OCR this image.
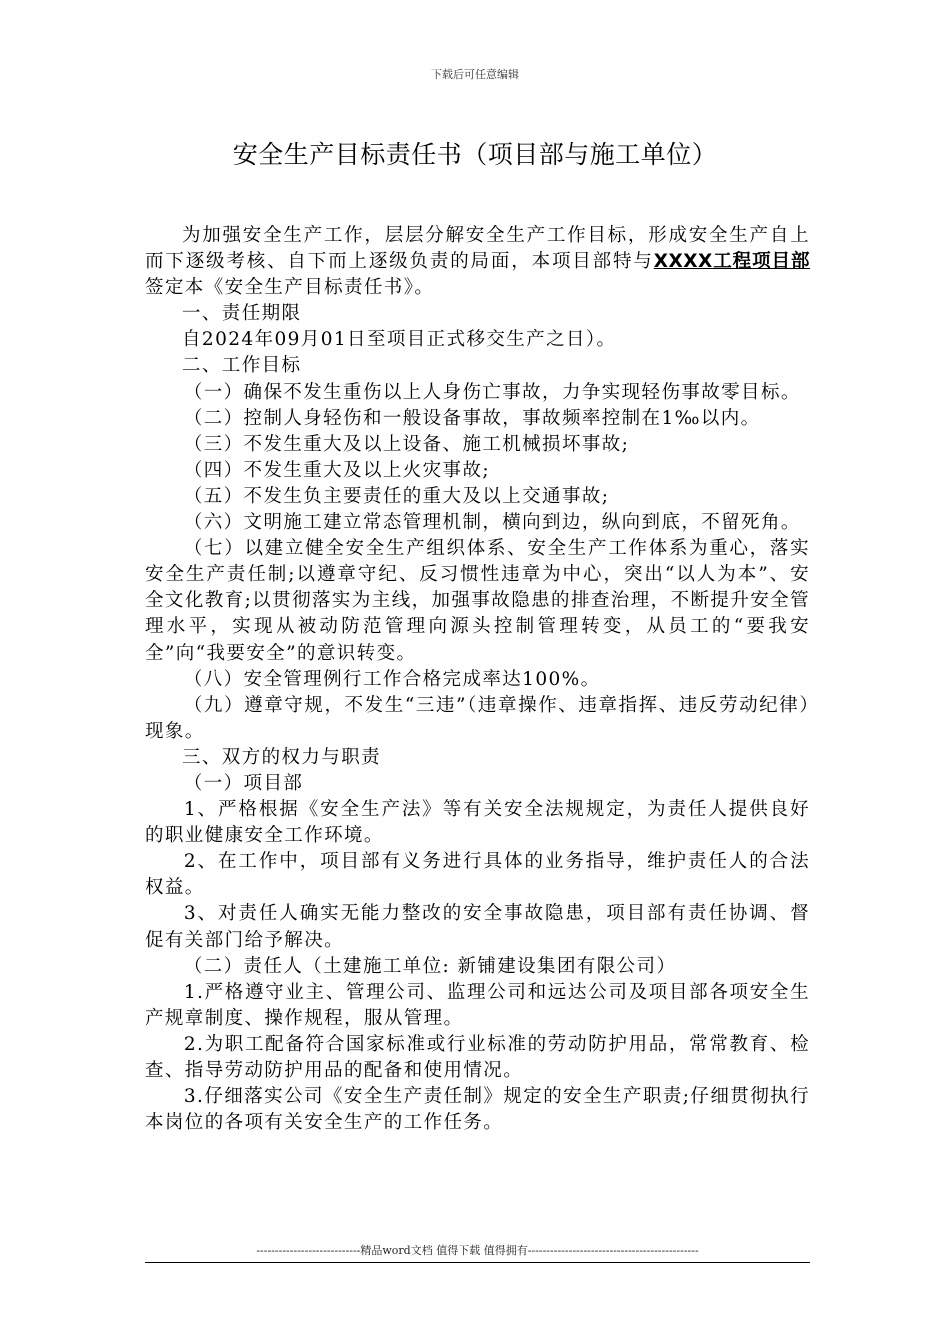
下载后可任意编辑
安全生产目标责任书（项目部与施工单位）

为加强安全生产工作，层层分解安全生产工作目标，形成安全生产自上而下逐级考核、自下而上逐级负责的局面，本项目部特与XXXX工程项目部签定本《安全生产目标责任书》。

一、责任期限

自2024年09月01日至项目正式移交生产之日）。

二、工作目标

（一）确保不发生重伤以上人身伤亡事故，力争实现轻伤事故零目标。

（二）控制人身轻伤和一般设备事故，事故频率控制在1‰以内。

（三）不发生重大及以上设备、施工机械损坏事故;

（四）不发生重大及以上火灾事故;

（五）不发生负主要责任的重大及以上交通事故;

（六）文明施工建立常态管理机制，横向到边，纵向到底，不留死角。

（七）以建立健全安全生产组织体系、安全生产工作体系为重心，落实安全生产责任制;以遵章守纪、反习惯性违章为中心，突出“以人为本”、安全文化教育;以贯彻落实为主线，加强事故隐患的排查治理，不断提升安全管理水平，实现从被动防范管理向源头控制管理转变，从员工的“要我安全”向“我要安全”的意识转变。

（八）安全管理例行工作合格完成率达100%。

（九）遵章守规，不发生“三违”（违章操作、违章指挥、违反劳动纪律）现象。

三、双方的权力与职责

（一）项目部

1、严格根据《安全生产法》等有关安全法规规定，为责任人提供良好的职业健康安全工作环境。

2、在工作中，项目部有义务进行具体的业务指导，维护责任人的合法权益。

3、对责任人确实无能力整改的安全事故隐患，项目部有责任协调、督促有关部门给予解决。

（二）责任人（土建施工单位: 新铺建设集团有限公司）

1.严格遵守业主、管理公司、监理公司和远达公司及项目部各项安全生产规章制度、操作规程，服从管理。

2.为职工配备符合国家标准或行业标准的劳动防护用品，常常教育、检查、指导劳动防护用品的配备和使用情况。

3.仔细落实公司《安全生产责任制》规定的安全生产职责;仔细贯彻执行本岗位的各项有关安全生产的工作任务。

----------------------------精品word文档 值得下载 值得拥有----------------------------------------------
